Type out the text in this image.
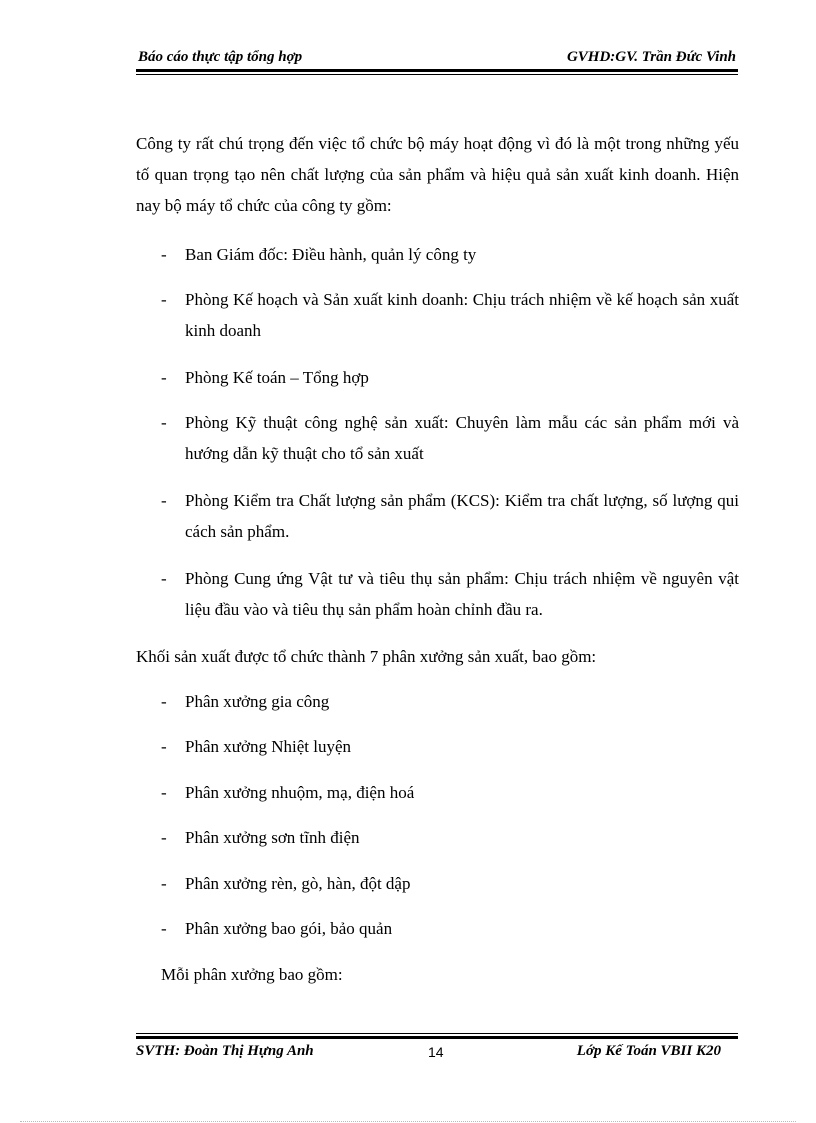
Báo cáo thực tập tổng hợp	GVHD:GV. Trần Đức Vinh
Công ty rất chú trọng đến việc tổ chức bộ máy hoạt động vì đó là một trong những yếu tố quan trọng tạo nên chất lượng của sản phẩm và hiệu quả sản xuất kinh doanh. Hiện nay bộ máy tổ chức của công ty gồm:
- Ban Giám đốc: Điều hành, quản lý công ty
- Phòng Kế hoạch và Sản xuất kinh doanh: Chịu trách nhiệm về kế hoạch sản xuất kinh doanh
- Phòng Kế toán – Tổng hợp
- Phòng Kỹ thuật công nghệ sản xuất: Chuyên làm mẫu các sản phẩm mới và hướng dẫn kỹ thuật cho tổ sản xuất
- Phòng Kiểm tra Chất lượng sản phẩm (KCS): Kiểm tra chất lượng, số lượng qui cách sản phẩm.
- Phòng Cung ứng Vật tư và tiêu thụ sản phẩm: Chịu trách nhiệm về nguyên vật liệu đầu vào và tiêu thụ sản phẩm hoàn chỉnh đầu ra.
Khối sản xuất được tổ chức thành 7 phân xưởng sản xuất, bao gồm:
- Phân xưởng gia công
- Phân xưởng Nhiệt luyện
- Phân xưởng nhuộm, mạ, điện hoá
- Phân xưởng sơn tĩnh điện
- Phân xưởng rèn, gò, hàn, đột dập
- Phân xưởng bao gói, bảo quản
Mỗi phân xưởng bao gồm:
SVTH: Đoàn Thị Hựng Anh	14	Lớp Kế Toán VBII K20
